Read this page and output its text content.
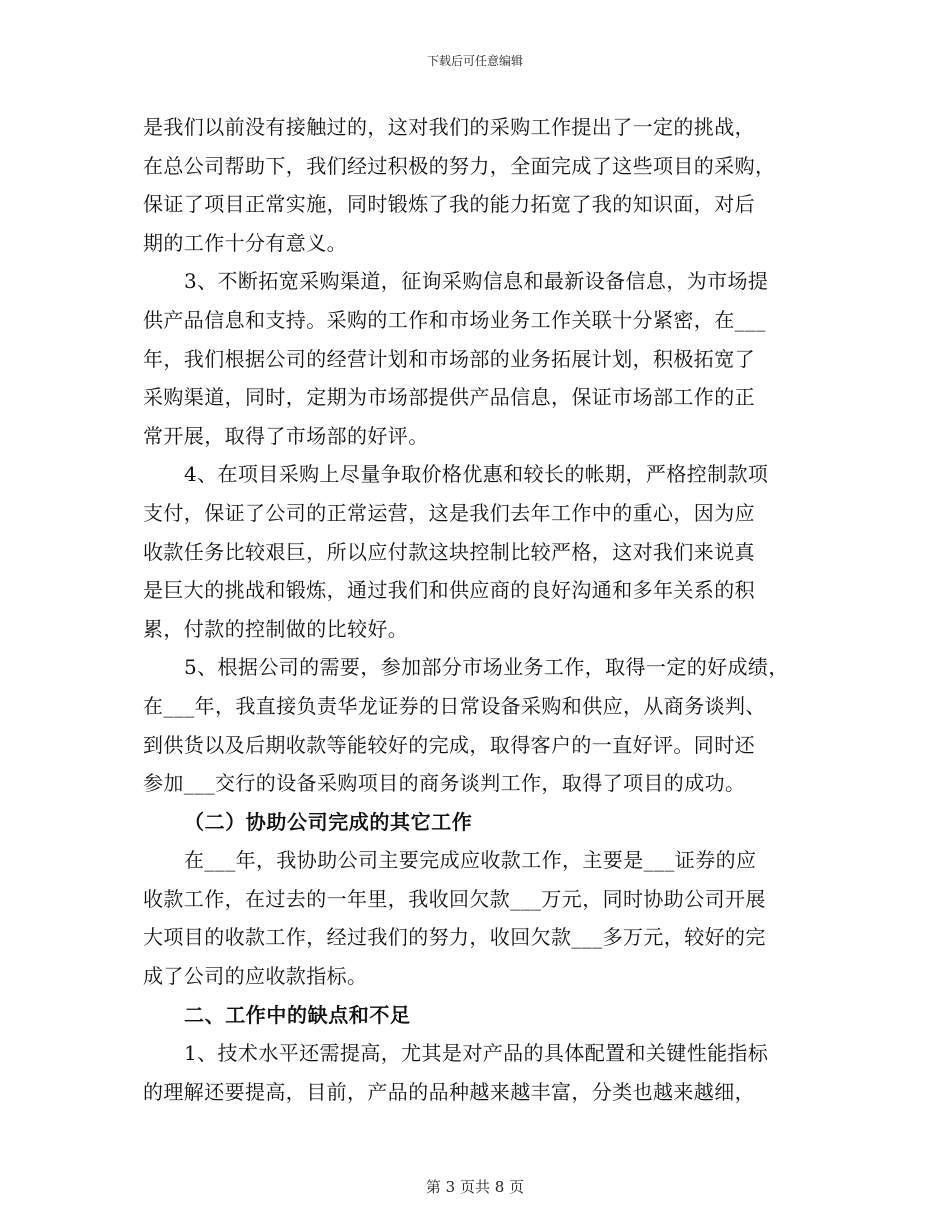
下载后可任意编辑
是我们以前没有接触过的，这对我们的采购工作提出了一定的挑战，
在总公司帮助下，我们经过积极的努力，全面完成了这些项目的采购，
保证了项目正常实施，同时锻炼了我的能力拓宽了我的知识面，对后
期的工作十分有意义。
3、不断拓宽采购渠道，征询采购信息和最新设备信息，为市场提
供产品信息和支持。采购的工作和市场业务工作关联十分紧密，在___
年，我们根据公司的经营计划和市场部的业务拓展计划，积极拓宽了
采购渠道，同时，定期为市场部提供产品信息，保证市场部工作的正
常开展，取得了市场部的好评。
4、在项目采购上尽量争取价格优惠和较长的帐期，严格控制款项
支付，保证了公司的正常运营，这是我们去年工作中的重心，因为应
收款任务比较艰巨，所以应付款这块控制比较严格，这对我们来说真
是巨大的挑战和锻炼，通过我们和供应商的良好沟通和多年关系的积
累，付款的控制做的比较好。
5、根据公司的需要，参加部分市场业务工作，取得一定的好成绩，
在___年，我直接负责华龙证券的日常设备采购和供应，从商务谈判、
到供货以及后期收款等能较好的完成，取得客户的一直好评。同时还
参加___交行的设备采购项目的商务谈判工作，取得了项目的成功。
（二）协助公司完成的其它工作
在___年，我协助公司主要完成应收款工作，主要是___证券的应
收款工作，在过去的一年里，我收回欠款___万元，同时协助公司开展
大项目的收款工作，经过我们的努力，收回欠款___多万元，较好的完
成了公司的应收款指标。
二、工作中的缺点和不足
1、技术水平还需提高，尤其是对产品的具体配置和关键性能指标
的理解还要提高，目前，产品的品种越来越丰富，分类也越来越细，
第 3 页共 8 页
